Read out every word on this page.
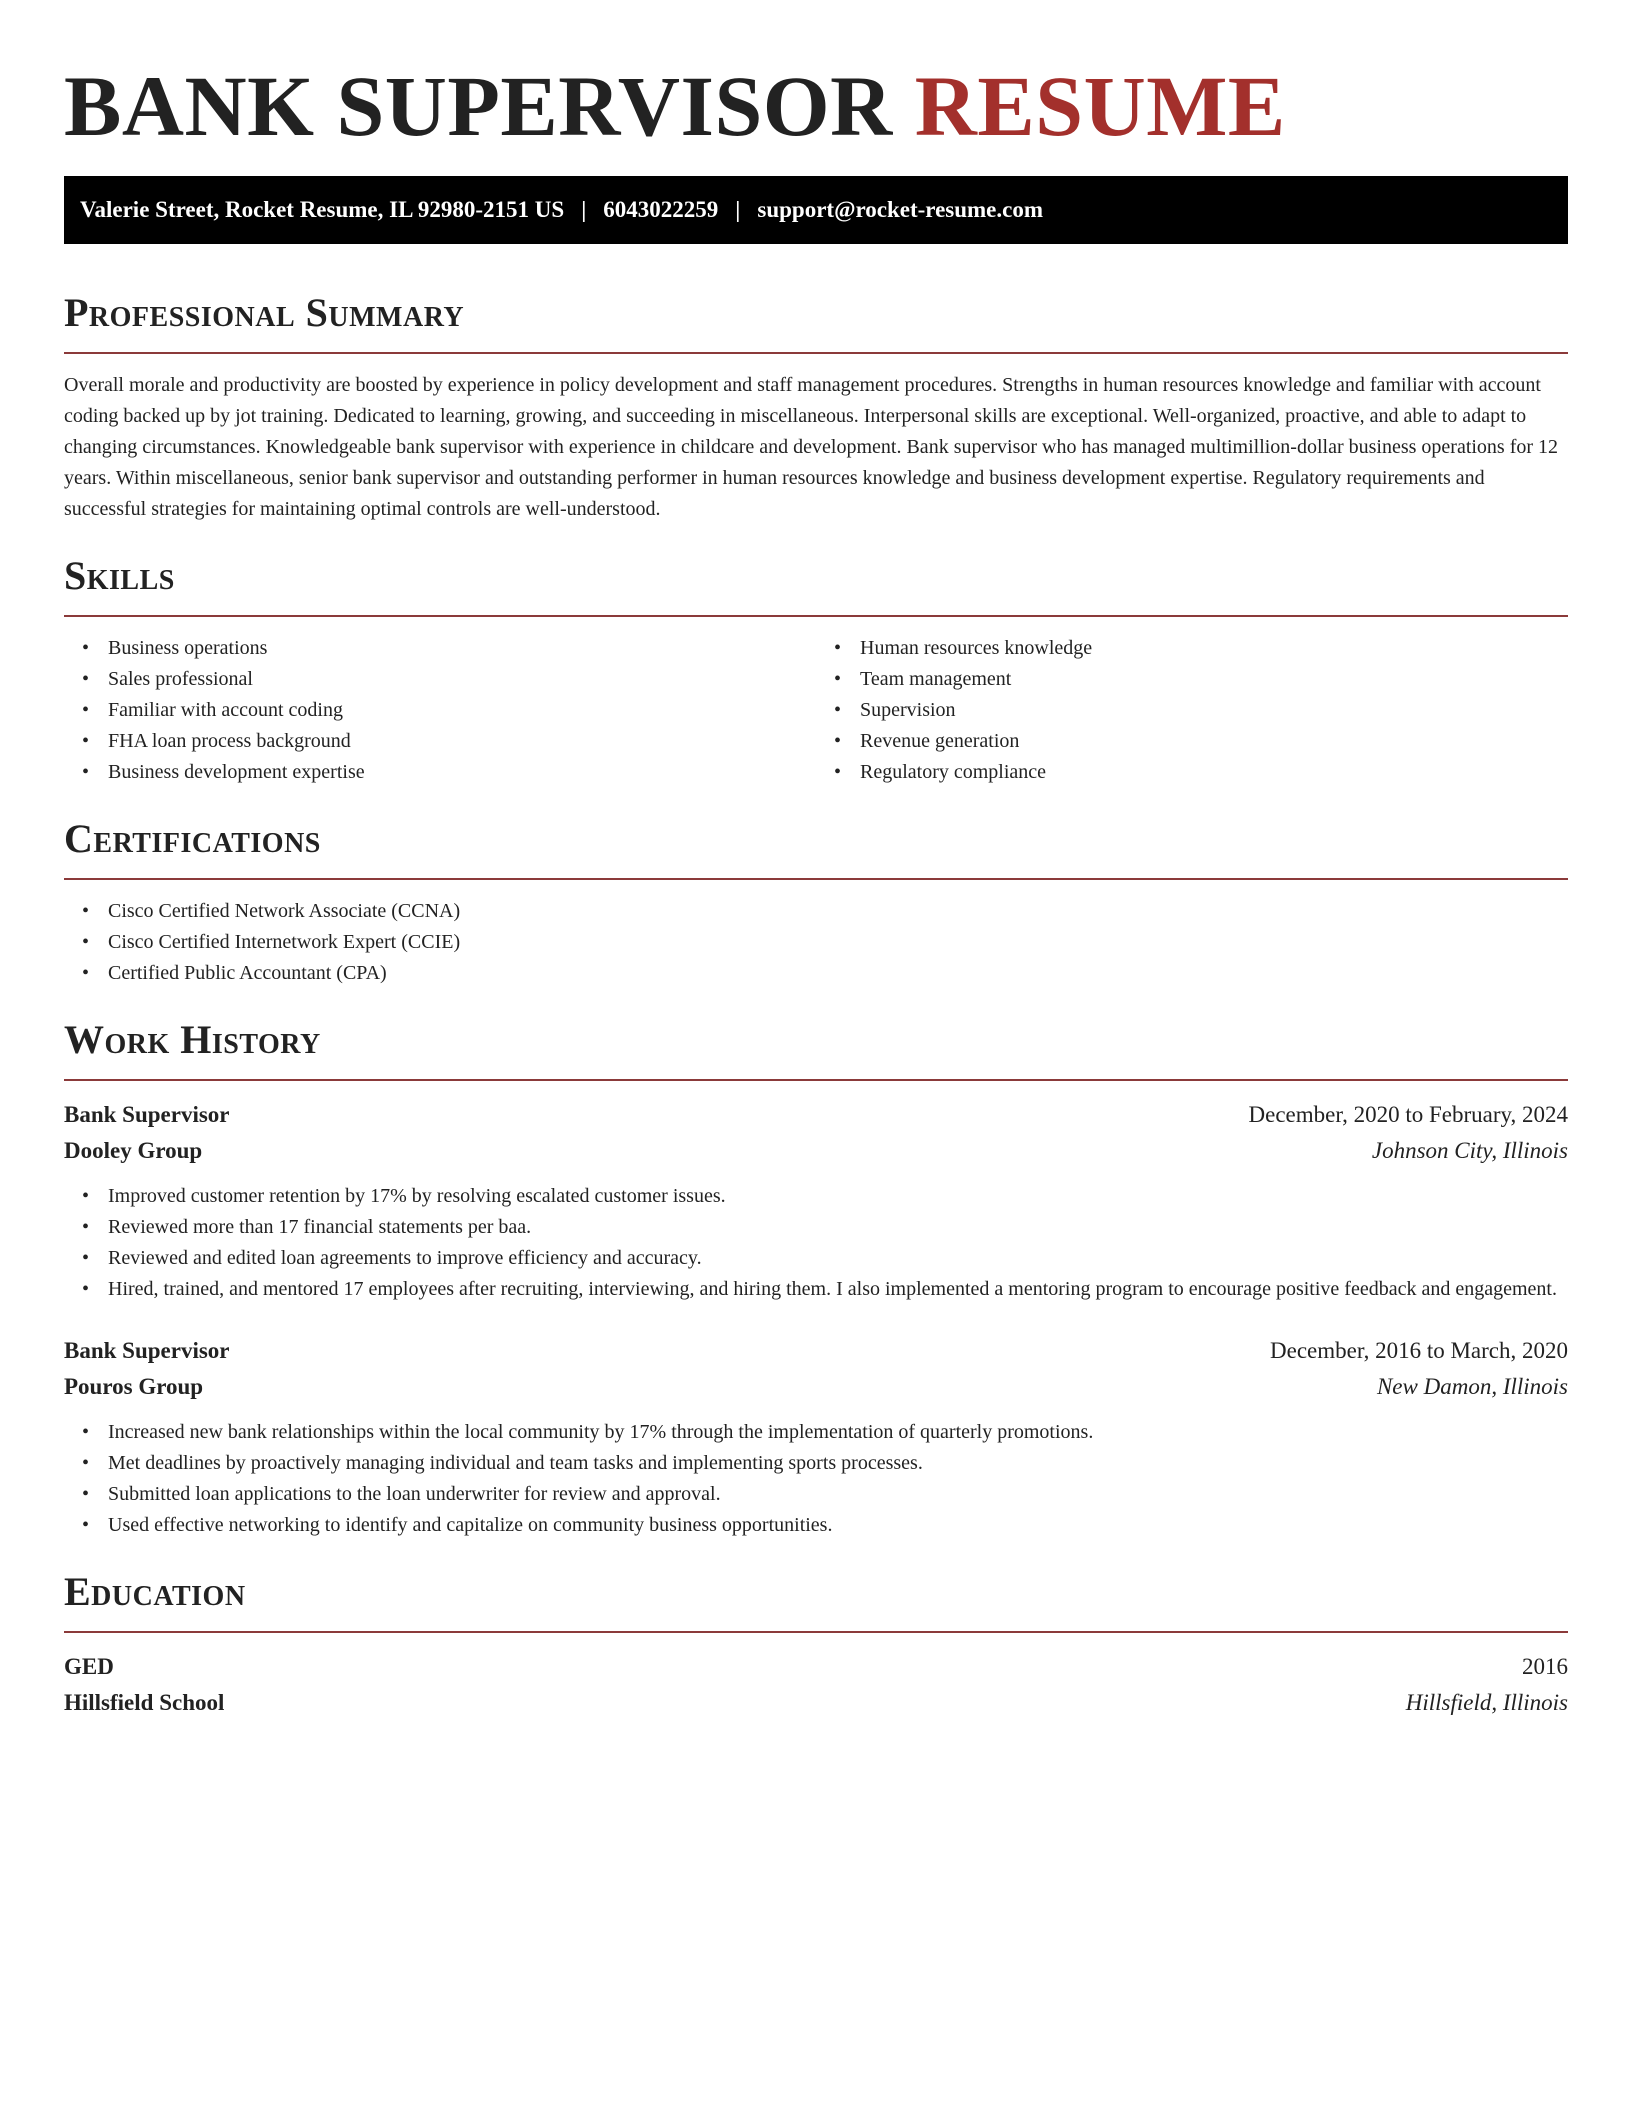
BANK SUPERVISOR RESUME
Valerie Street, Rocket Resume, IL 92980-2151 US | 6043022259 | support@rocket-resume.com
Professional Summary

Overall morale and productivity are boosted by experience in policy development and staff management procedures. Strengths in human resources knowledge and familiar with account coding backed up by jot training. Dedicated to learning, growing, and succeeding in miscellaneous. Interpersonal skills are exceptional. Well-organized, proactive, and able to adapt to changing circumstances. Knowledgeable bank supervisor with experience in childcare and development. Bank supervisor who has managed multimillion-dollar business operations for 12 years. Within miscellaneous, senior bank supervisor and outstanding performer in human resources knowledge and business development expertise. Regulatory requirements and successful strategies for maintaining optimal controls are well-understood.

Skills
• Business operations
• Sales professional
• Familiar with account coding
• FHA loan process background
• Business development expertise
• Human resources knowledge
• Team management
• Supervision
• Revenue generation
• Regulatory compliance
Certifications
• Cisco Certified Network Associate (CCNA)
• Cisco Certified Internetwork Expert (CCIE)
• Certified Public Accountant (CPA)
Work History
Bank Supervisor	December, 2020 to February, 2024
Dooley Group	Johnson City, Illinois
• Improved customer retention by 17% by resolving escalated customer issues.
• Reviewed more than 17 financial statements per baa.
• Reviewed and edited loan agreements to improve efficiency and accuracy.
• Hired, trained, and mentored 17 employees after recruiting, interviewing, and hiring them. I also implemented a mentoring program to encourage positive feedback and engagement.
Bank Supervisor	December, 2016 to March, 2020
Pouros Group	New Damon, Illinois
• Increased new bank relationships within the local community by 17% through the implementation of quarterly promotions.
• Met deadlines by proactively managing individual and team tasks and implementing sports processes.
• Submitted loan applications to the loan underwriter for review and approval.
• Used effective networking to identify and capitalize on community business opportunities.
Education
GED	2016
Hillsfield School	Hillsfield, Illinois
